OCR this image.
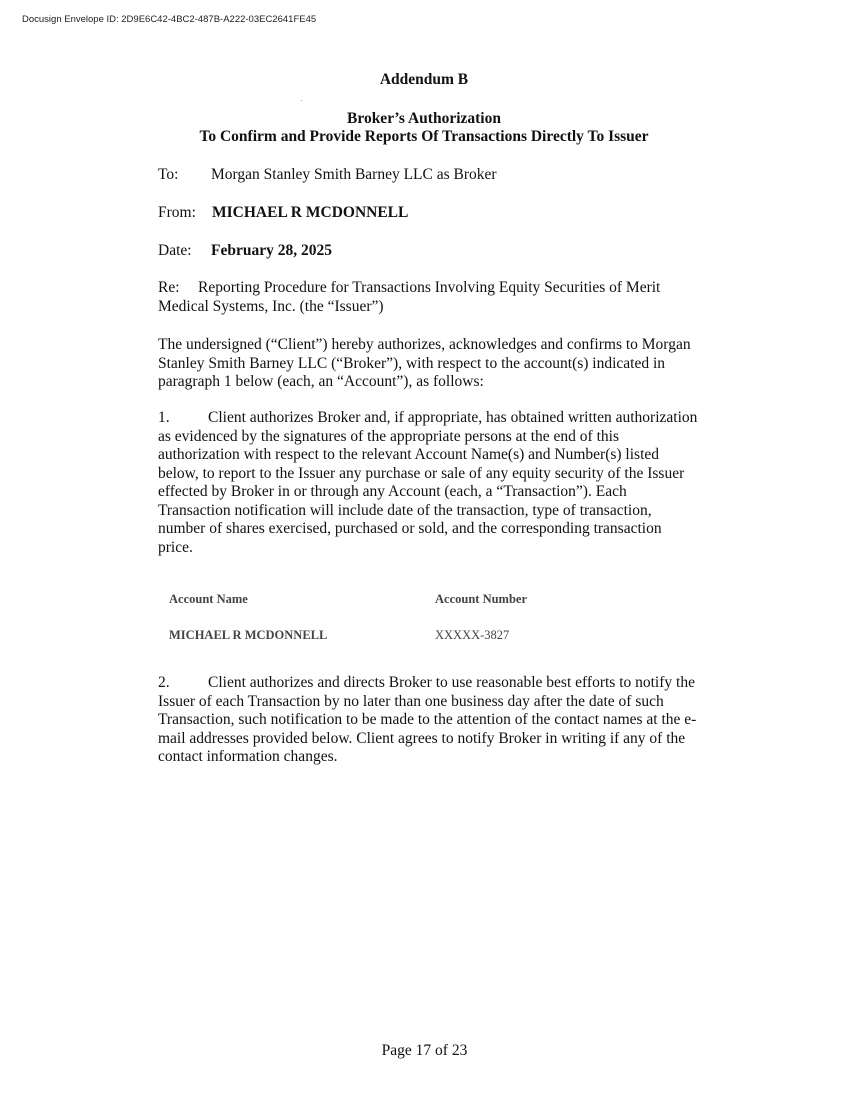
Docusign Envelope ID: 2D9E6C42-4BC2-487B-A222-03EC2641FE45
Addendum B
Broker’s Authorization
To Confirm and Provide Reports Of Transactions Directly To Issuer
To: Morgan Stanley Smith Barney LLC as Broker
From: MICHAEL R MCDONNELL
Date: February 28, 2025
Re: Reporting Procedure for Transactions Involving Equity Securities of Merit Medical Systems, Inc. (the “Issuer”)
The undersigned (“Client”) hereby authorizes, acknowledges and confirms to Morgan Stanley Smith Barney LLC (“Broker”), with respect to the account(s) indicated in paragraph 1 below (each, an “Account”), as follows:
1. Client authorizes Broker and, if appropriate, has obtained written authorization as evidenced by the signatures of the appropriate persons at the end of this authorization with respect to the relevant Account Name(s) and Number(s) listed below, to report to the Issuer any purchase or sale of any equity security of the Issuer effected by Broker in or through any Account (each, a “Transaction”). Each Transaction notification will include date of the transaction, type of transaction, number of shares exercised, purchased or sold, and the corresponding transaction price.
Account Name	Account Number
MICHAEL R MCDONNELL	XXXXX-3827
2. Client authorizes and directs Broker to use reasonable best efforts to notify the Issuer of each Transaction by no later than one business day after the date of such Transaction, such notification to be made to the attention of the contact names at the e-mail addresses provided below. Client agrees to notify Broker in writing if any of the contact information changes.
Page 17 of 23
